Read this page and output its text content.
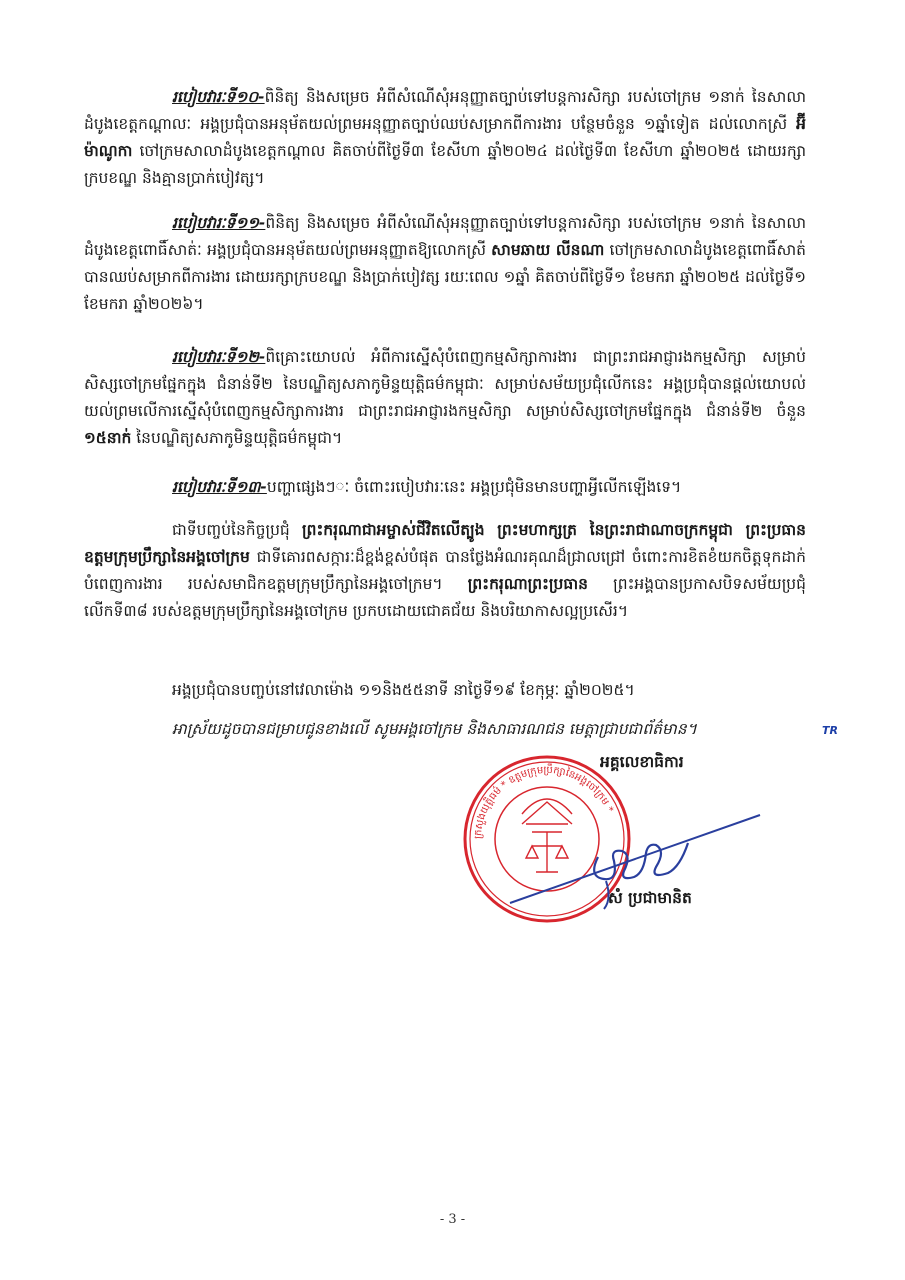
របៀបវារៈទី១០-ពិនិត្យ និងសម្រេច អំពីសំណើសុំអនុញ្ញាតច្បាប់ទៅបន្តការសិក្សា របស់ចៅក្រម ១នាក់ នៃសាលាដំបូងខេត្តកណ្ដាលៈ អង្គប្រជុំបានអនុម័តយល់ព្រមអនុញ្ញាតច្បាប់ឈប់សម្រាកពីការងារ បន្ថែមចំនួន ១ឆ្នាំទៀត ដល់លោកស្រី អ៊ី ម៉ាណូកា ចៅក្រមសាលាដំបូងខេត្តកណ្ដាល គិតចាប់ពីថ្ងៃទី៣ ខែសីហា ឆ្នាំ២០២៤ ដល់ថ្ងៃទី៣ ខែសីហា ឆ្នាំ២០២៥ ដោយរក្សាក្របខណ្ឌ និងគ្មានប្រាក់បៀវត្ស។
របៀបវារៈទី១១-ពិនិត្យ និងសម្រេច អំពីសំណើសុំអនុញ្ញាតច្បាប់ទៅបន្តការសិក្សា របស់ចៅក្រម ១នាក់ នៃសាលាដំបូងខេត្តពោធិ៍សាត់ៈ អង្គប្រជុំបានអនុម័តយល់ព្រមអនុញ្ញាតឱ្យលោកស្រី សាមឆាយ លីនណា ចៅក្រមសាលាដំបូងខេត្តពោធិ៍សាត់ បានឈប់សម្រាកពីការងារ ដោយរក្សាក្របខណ្ឌ និងប្រាក់បៀវត្ស រយៈពេល ១ឆ្នាំ គិតចាប់ពីថ្ងៃទី១ ខែមករា ឆ្នាំ២០២៥ ដល់ថ្ងៃទី១ ខែមករា ឆ្នាំ២០២៦។
របៀបវារៈទី១២-ពិគ្រោះយោបល់ អំពីការស្នើសុំបំពេញកម្មសិក្សាការងារ ជាព្រះរាជអាជ្ញារងកម្មសិក្សា សម្រាប់សិស្សចៅក្រមផ្នែកក្នុង ជំនាន់ទី២ នៃបណ្ឌិត្យសភាកូមិន្ទយុត្តិធម៌កម្ពុជាៈ សម្រាប់សម័យប្រជុំលើកនេះ អង្គប្រជុំបានផ្ដល់យោបល់យល់ព្រមលើការស្នើសុំបំពេញកម្មសិក្សាការងារ ជាព្រះរាជអាជ្ញារងកម្មសិក្សា សម្រាប់សិស្សចៅក្រមផ្នែកក្នុង ជំនាន់ទី២ ចំនួន ១៥នាក់ នៃបណ្ឌិត្យសភាកូមិន្ទយុត្តិធម៌កម្ពុជា។
របៀបវារៈទី១៣-បញ្ហាផ្សេងៗៈ ចំពោះរបៀបវារៈនេះ អង្គប្រជុំមិនមានបញ្ហាអ្វីលើកឡើងទេ។
ជាទីបញ្ចប់នៃកិច្ចប្រជុំ ព្រះករុណាជាអម្ចាស់ជីវិតលើត្បូង ព្រះមហាក្សត្រ នៃព្រះរាជាណាចក្រកម្ពុជា ព្រះប្រធានឧត្តមក្រុមប្រឹក្សានៃអង្គចៅក្រម ជាទីគោរពសក្ការៈដ៏ខ្ពង់ខ្ពស់បំផុត បានថ្លែងអំណរគុណដ៏ជ្រាលជ្រៅ ចំពោះការខិតខំយកចិត្តទុកដាក់បំពេញការងារ របស់សមាជិកឧត្តមក្រុមប្រឹក្សានៃអង្គចៅក្រម។ ព្រះករុណាព្រះប្រធាន ព្រះអង្គបានប្រកាសបិទសម័យប្រជុំលើកទី៣៨ របស់ឧត្តមក្រុមប្រឹក្សានៃអង្គចៅក្រម ប្រកបដោយជោគជ័យ និងបរិយាកាសល្អប្រសើរ។
អង្គប្រជុំបានបញ្ចប់នៅវេលាម៉ោង ១១និង៥៥នាទី នាថ្ងៃទី១៩ ខែកុម្ភៈ ឆ្នាំ២០២៥។
អាស្រ័យដូចបានជម្រាបជូនខាងលើ សូមអង្គចៅក្រម និងសាធារណជន មេត្តាជ្រាបជាព័ត៌មាន។	TR
ក្រសួងយុត្តិធម៌ * ឧត្តមក្រុមប្រឹក្សានៃអង្គចៅក្រម *
អគ្គលេខាធិការ
សំ ប្រជាមានិត
- 3 -
